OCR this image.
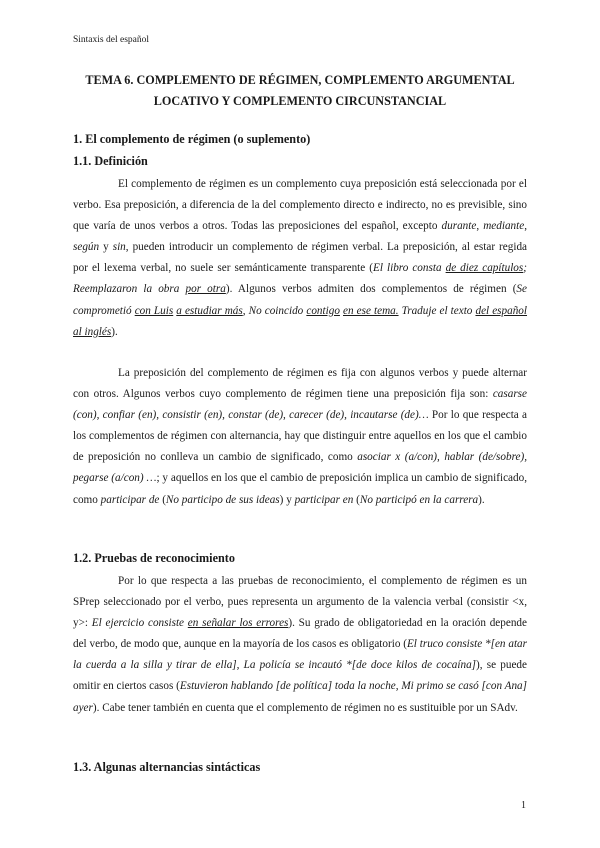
Sintaxis del español
TEMA 6. COMPLEMENTO DE RÉGIMEN, COMPLEMENTO ARGUMENTAL
LOCATIVO Y COMPLEMENTO CIRCUNSTANCIAL
1. El complemento de régimen (o suplemento)
1.1. Definición
El complemento de régimen es un complemento cuya preposición está seleccionada por el verbo. Esa preposición, a diferencia de la del complemento directo e indirecto, no es previsible, sino que varía de unos verbos a otros. Todas las preposiciones del español, excepto durante, mediante, según y sin, pueden introducir un complemento de régimen verbal. La preposición, al estar regida por el lexema verbal, no suele ser semánticamente transparente (El libro consta de diez capítulos; Reemplazaron la obra por otra). Algunos verbos admiten dos complementos de régimen (Se comprometió con Luis a estudiar más, No coincido contigo en ese tema. Traduje el texto del español al inglés).
La preposición del complemento de régimen es fija con algunos verbos y puede alternar con otros. Algunos verbos cuyo complemento de régimen tiene una preposición fija son: casarse (con), confiar (en), consistir (en), constar (de), carecer (de), incautarse (de)… Por lo que respecta a los complementos de régimen con alternancia, hay que distinguir entre aquellos en los que el cambio de preposición no conlleva un cambio de significado, como asociar x (a/con), hablar (de/sobre), pegarse (a/con) …; y aquellos en los que el cambio de preposición implica un cambio de significado, como participar de (No participo de sus ideas) y participar en (No participó en la carrera).
1.2. Pruebas de reconocimiento
Por lo que respecta a las pruebas de reconocimiento, el complemento de régimen es un SPrep seleccionado por el verbo, pues representa un argumento de la valencia verbal (consistir <x, y>: El ejercicio consiste en señalar los errores). Su grado de obligatoriedad en la oración depende del verbo, de modo que, aunque en la mayoría de los casos es obligatorio (El truco consiste *[en atar la cuerda a la silla y tirar de ella], La policía se incautó *[de doce kilos de cocaína]), se puede omitir en ciertos casos (Estuvieron hablando [de política] toda la noche, Mi primo se casó [con Ana] ayer). Cabe tener también en cuenta que el complemento de régimen no es sustituible por un SAdv.
1.3. Algunas alternancias sintácticas
1
